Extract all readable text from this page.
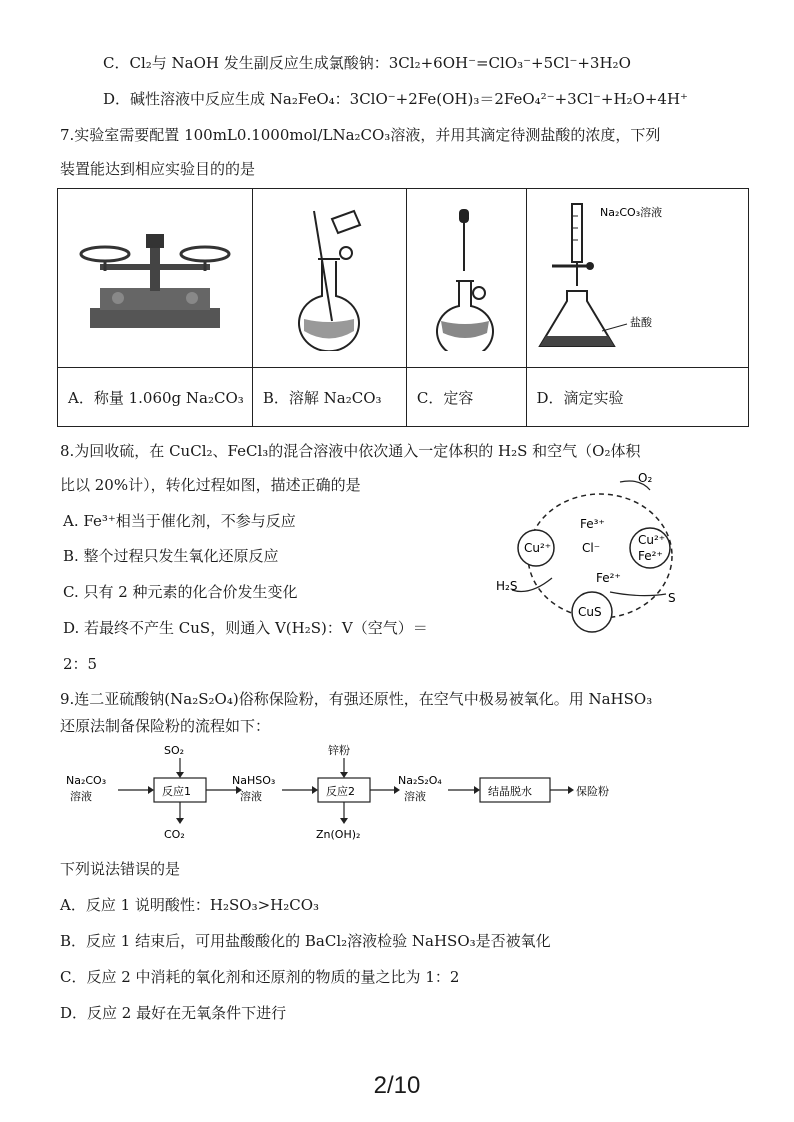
C．Cl₂与 NaOH 发生副反应生成氯酸钠：3Cl₂+6OH⁻=ClO₃⁻+5Cl⁻+3H₂O
D．碱性溶液中反应生成 Na₂FeO₄：3ClO⁻+2Fe(OH)₃＝2FeO₄²⁻+3Cl⁻+H₂O+4H⁺
7.实验室需要配置 100mL0.1000mol/LNa₂CO₃溶液，并用其滴定待测盐酸的浓度，下列
装置能达到相应实验目的的是

Na₂CO₃溶液
盐酸

A．称量 1.060g Na₂CO₃	B．溶解 Na₂CO₃	C．定容	D．滴定实验
8.为回收硫，在 CuCl₂、FeCl₃的混合溶液中依次通入一定体积的 H₂S 和空气（O₂体积
比以 20%计），转化过程如图，描述正确的是
A. Fe³⁺相当于催化剂，不参与反应
B. 整个过程只发生氧化还原反应
C. 只有 2 种元素的化合价发生变化
D. 若最终不产生 CuS，则通入 V(H₂S)：V（空气）＝
2：5
O₂
Fe³⁺
Cl⁻
Cu²⁺
Cu²⁺
Fe²⁺
Fe²⁺
H₂S
CuS
S
9.连二亚硫酸钠(Na₂S₂O₄)俗称保险粉，有强还原性，在空气中极易被氧化。用 NaHSO₃
还原法制备保险粉的流程如下：
Na₂CO₃
溶液	反应1
SO₂
CO₂
NaHSO₃
溶液	反应2
锌粉
Zn(OH)₂
Na₂S₂O₄
溶液	结晶脱水	保险粉
下列说法错误的是
A．反应 1 说明酸性：H₂SO₃>H₂CO₃
B．反应 1 结束后，可用盐酸酸化的 BaCl₂溶液检验 NaHSO₃是否被氧化
C．反应 2 中消耗的氧化剂和还原剂的物质的量之比为 1：2
D．反应 2 最好在无氧条件下进行
2/10
